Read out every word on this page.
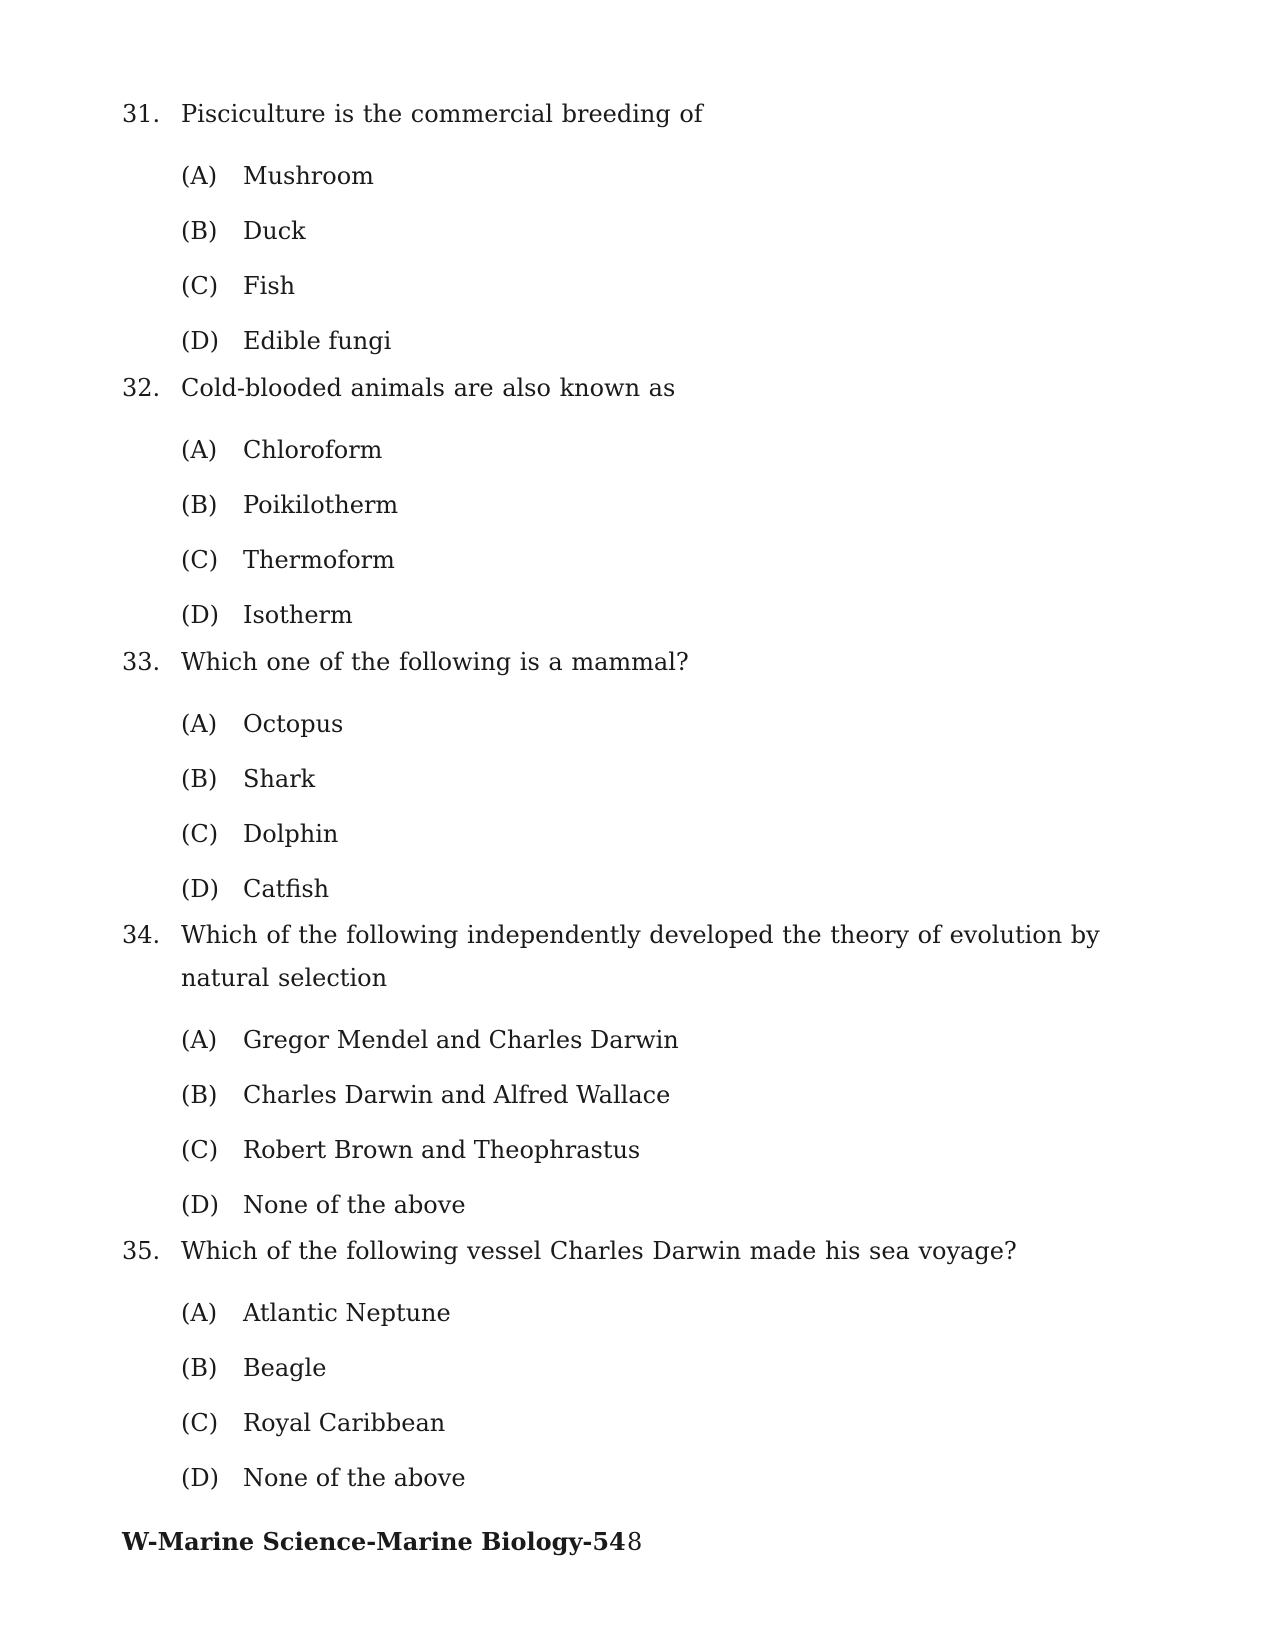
31. Pisciculture is the commercial breeding of
(A)	Mushroom
(B)	Duck
(C)	Fish
(D)	Edible fungi
32. Cold-blooded animals are also known as
(A)	Chloroform
(B)	Poikilotherm
(C)	Thermoform
(D)	Isotherm
33. Which one of the following is a mammal?
(A)	Octopus
(B)	Shark
(C)	Dolphin
(D)	Catfish
34. Which of the following independently developed the theory of evolution by natural selection
(A)	Gregor Mendel and Charles Darwin
(B)	Charles Darwin and Alfred Wallace
(C)	Robert Brown and Theophrastus
(D)	None of the above
35. Which of the following vessel Charles Darwin made his sea voyage?
(A)	Atlantic Neptune
(B)	Beagle
(C)	Royal Caribbean
(D)	None of the above
W-Marine Science-Marine Biology-54 8
